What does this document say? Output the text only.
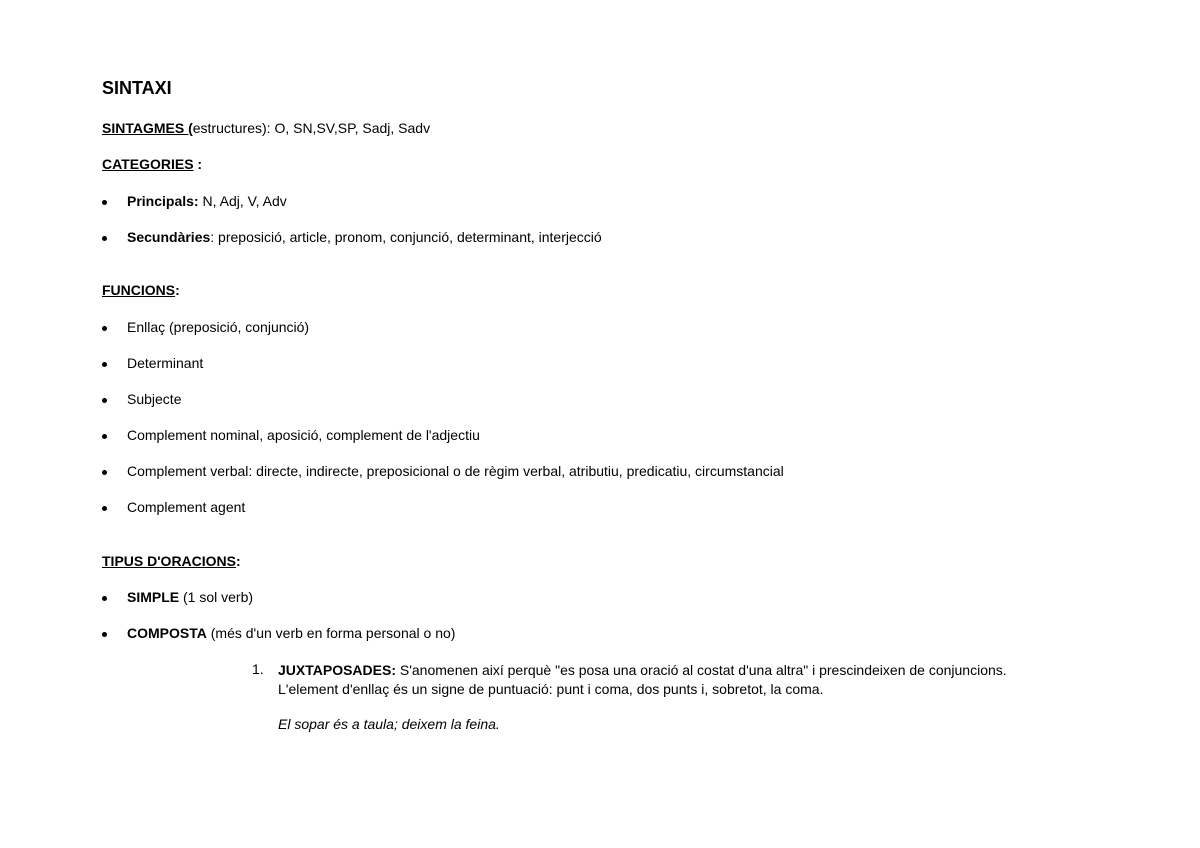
SINTAXI
SINTAGMES (estructures): O, SN,SV,SP, Sadj, Sadv
CATEGORIES :
Principals: N, Adj, V, Adv
Secundàries: preposició, article, pronom, conjunció, determinant, interjecció
FUNCIONS:
Enllaç (preposició, conjunció)
Determinant
Subjecte
Complement nominal, aposició, complement de l'adjectiu
Complement verbal: directe, indirecte, preposicional o de règim verbal, atributiu, predicatiu, circumstancial
Complement agent
TIPUS D'ORACIONS:
SIMPLE (1 sol verb)
COMPOSTA (més d'un verb en forma personal o no)
1. JUXTAPOSADES: S'anomenen així perquè "es posa una oració al costat d'una altra" i prescindeixen de conjuncions.
L'element d'enllaç és un signe de puntuació: punt i coma, dos punts i, sobretot, la coma.
El sopar és a taula; deixem la feina.
